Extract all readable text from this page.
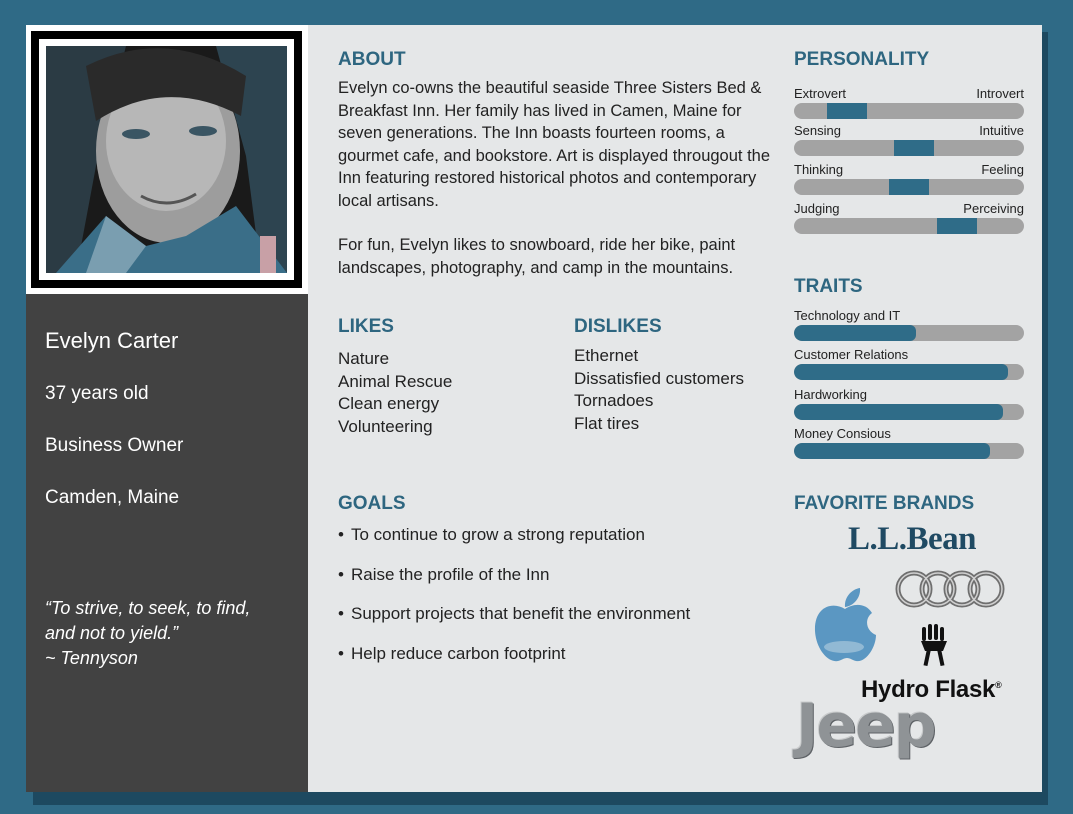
Evelyn Carter
37 years old
Business Owner
Camden, Maine
“To strive, to seek, to find,
and not to yield.”
~ Tennyson
ABOUT

Evelyn co-owns the beautiful seaside Three Sisters Bed & Breakfast Inn. Her family has lived in Camen, Maine for seven generations. The Inn boasts fourteen rooms, a gourmet cafe, and bookstore. Art is displayed througout the Inn featuring restored historical photos and contemporary local artisans.

For fun, Evelyn likes to snowboard, ride her bike, paint landscapes, photography, and camp in the mountains.

LIKES
Nature
Animal Rescue
Clean energy
Volunteering
DISLIKES
Ethernet
Dissatisfied customers
Tornadoes
Flat tires
GOALS
• To continue to grow a strong reputation
• Raise the profile of the Inn
• Support projects that benefit the environment
• Help reduce carbon footprint
PERSONALITY
Extrovert	Introvert
Sensing	Intuitive
Thinking	Feeling
Judging	Perceiving
TRAITS
Technology and IT
Customer Relations
Hardworking
Money Consious
FAVORITE BRANDS
L.L.Bean
Hydro Flask®
Jeep
